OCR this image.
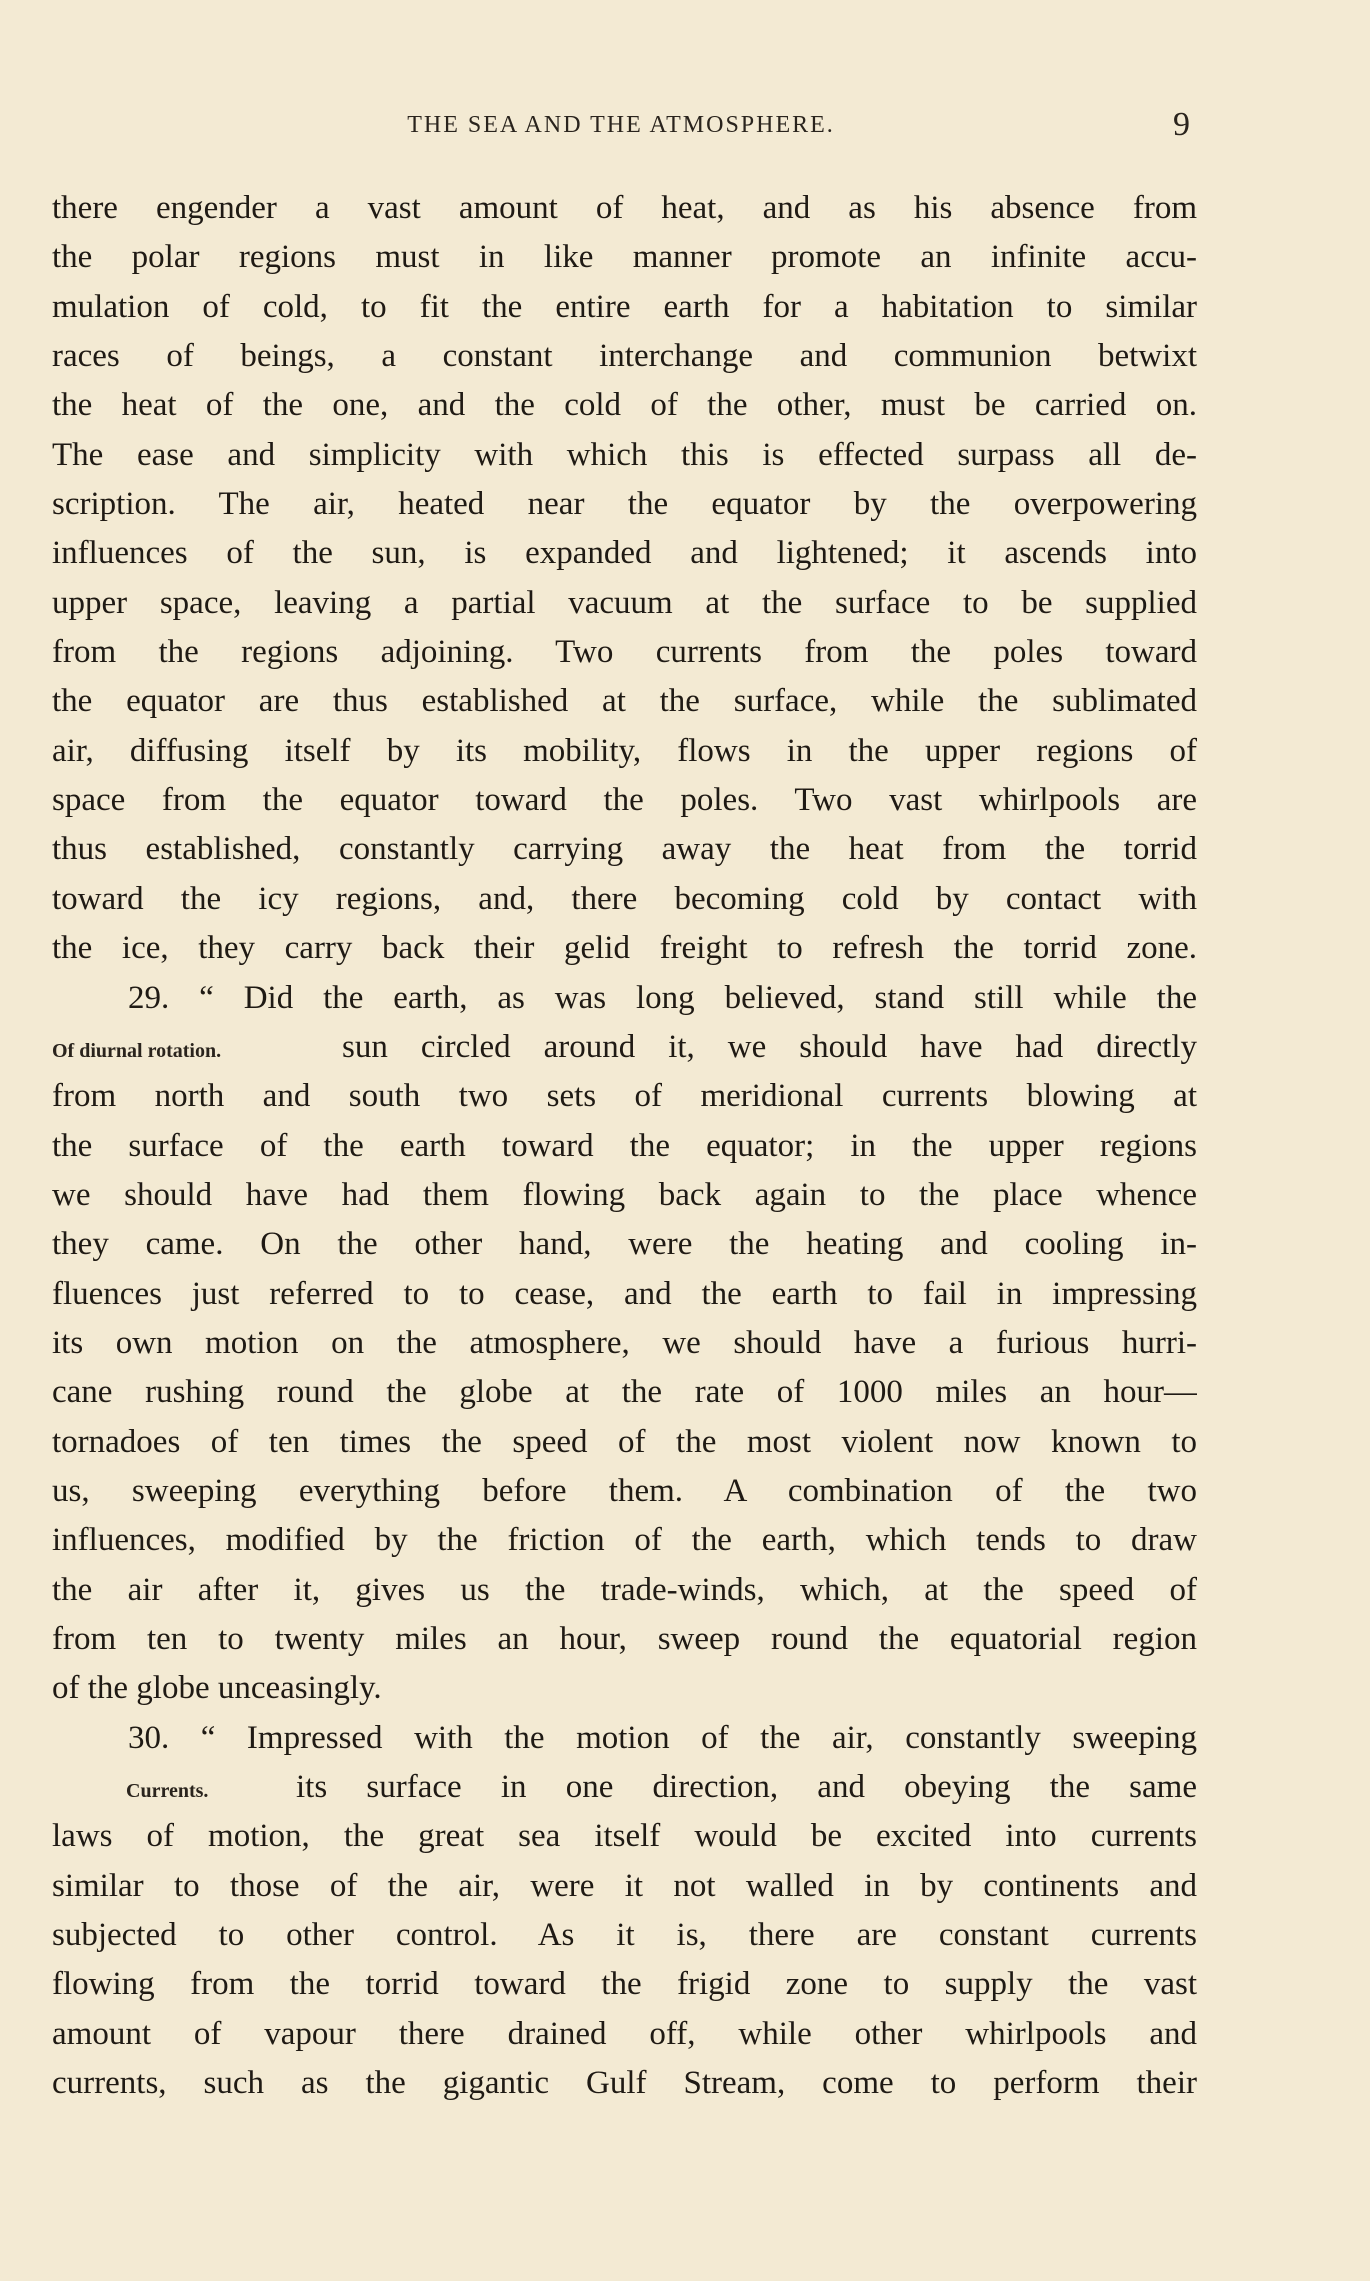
THE SEA AND THE ATMOSPHERE.	9
there engender a vast amount of heat, and as his absence from
the polar regions must in like manner promote an infinite accu-
mulation of cold, to fit the entire earth for a habitation to similar
races of beings, a constant interchange and communion betwixt
the heat of the one, and the cold of the other, must be carried on.
The ease and simplicity with which this is effected surpass all de-
scription. The air, heated near the equator by the overpowering
influences of the sun, is expanded and lightened; it ascends into
upper space, leaving a partial vacuum at the surface to be supplied
from the regions adjoining. Two currents from the poles toward
the equator are thus established at the surface, while the sublimated
air, diffusing itself by its mobility, flows in the upper regions of
space from the equator toward the poles. Two vast whirlpools are
thus established, constantly carrying away the heat from the torrid
toward the icy regions, and, there becoming cold by contact with
the ice, they carry back their gelid freight to refresh the torrid zone.
29. “ Did the earth, as was long believed, stand still while the
Of diurnal rotation.	sun circled around it, we should have had directly
from north and south two sets of meridional currents blowing at
the surface of the earth toward the equator; in the upper regions
we should have had them flowing back again to the place whence
they came. On the other hand, were the heating and cooling in-
fluences just referred to to cease, and the earth to fail in impressing
its own motion on the atmosphere, we should have a furious hurri-
cane rushing round the globe at the rate of 1000 miles an hour—
tornadoes of ten times the speed of the most violent now known to
us, sweeping everything before them. A combination of the two
influences, modified by the friction of the earth, which tends to draw
the air after it, gives us the trade-winds, which, at the speed of
from ten to twenty miles an hour, sweep round the equatorial region
of the globe unceasingly.
30. “ Impressed with the motion of the air, constantly sweeping
Currents.	its surface in one direction, and obeying the same
laws of motion, the great sea itself would be excited into currents
similar to those of the air, were it not walled in by continents and
subjected to other control. As it is, there are constant currents
flowing from the torrid toward the frigid zone to supply the vast
amount of vapour there drained off, while other whirlpools and
currents, such as the gigantic Gulf Stream, come to perform their
